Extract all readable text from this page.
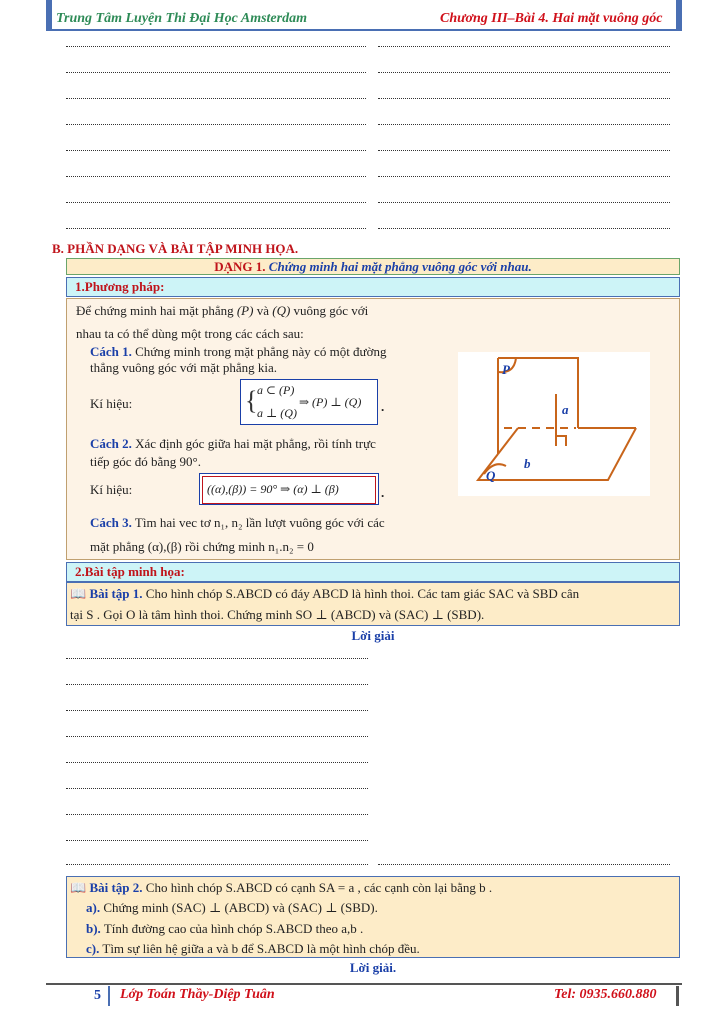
Trung Tâm Luyện Thi Đại Học Amsterdam	Chương III–Bài 4. Hai mặt vuông góc
B. PHẦN DẠNG VÀ BÀI TẬP MINH HỌA.
DẠNG 1. Chứng minh hai mặt phẳng vuông góc với nhau.
1.Phương pháp:
Để chứng minh hai mặt phẳng (P) và (Q) vuông góc với
nhau ta có thể dùng một trong các cách sau:
Cách 1. Chứng minh trong mặt phẳng này có một đường
thẳng vuông góc với mặt phẳng kia.
Kí hiệu:	{ a ⊂ (P)
a ⊥ (Q)
⇒ (P) ⊥ (Q) .
Cách 2. Xác định góc giữa hai mặt phẳng, rồi tính trực
tiếp góc đó bằng 90°.
Kí hiệu:	((α),(β)) = 90° ⇒ (α) ⊥ (β)	.
Cách 3. Tìm hai vec tơ n₁, n₂ lần lượt vuông góc với các
mặt phẳng (α),(β) rồi chứng minh n₁.n₂ = 0
P
a
b
Q
2.Bài tập minh họa:
📖 Bài tập 1. Cho hình chóp S.ABCD có đáy ABCD là hình thoi. Các tam giác SAC và SBD cân
tại S . Gọi O là tâm hình thoi. Chứng minh SO ⊥ (ABCD) và (SAC) ⊥ (SBD).
Lời giải
📖 Bài tập 2. Cho hình chóp S.ABCD có cạnh SA = a , các cạnh còn lại bằng b .
a). Chứng minh (SAC) ⊥ (ABCD) và (SAC) ⊥ (SBD).
b). Tính đường cao của hình chóp S.ABCD theo a,b .
c). Tìm sự liên hệ giữa a và b để S.ABCD là một hình chóp đều.
Lời giải.
5 Lớp Toán Thầy-Diệp Tuân	Tel: 0935.660.880
